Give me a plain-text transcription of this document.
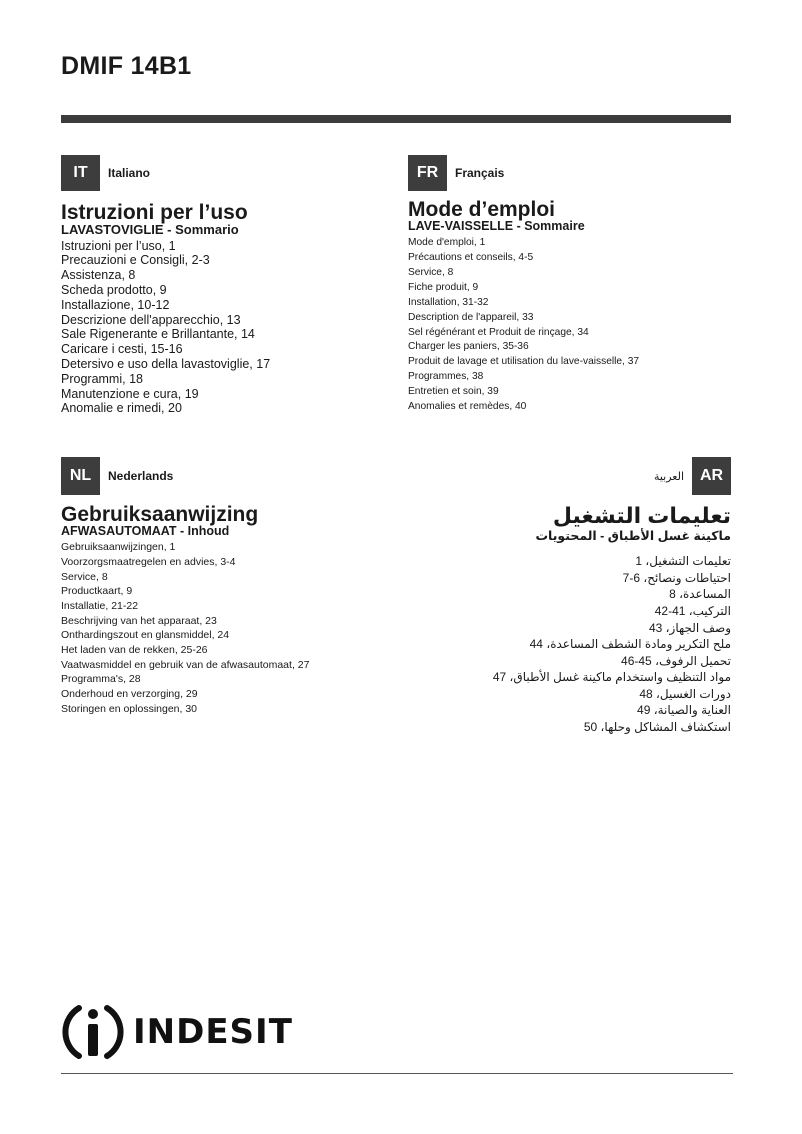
DMIF 14B1
IT	Italiano
Istruzioni per l’uso
LAVASTOVIGLIE - Sommario
Istruzioni per l’uso, 1
Precauzioni e Consigli, 2-3
Assistenza, 8
Scheda prodotto, 9
Installazione, 10-12
Descrizione dell'apparecchio, 13
Sale Rigenerante e Brillantante, 14
Caricare i cesti, 15-16
Detersivo e uso della lavastoviglie, 17
Programmi, 18
Manutenzione e cura, 19
Anomalie e rimedi, 20
FR	Français
Mode d’emploi
LAVE-VAISSELLE - Sommaire
Mode d'emploi, 1
Précautions et conseils, 4-5
Service, 8
Fiche produit, 9
Installation, 31-32
Description de l'appareil, 33
Sel régénérant et Produit de rinçage, 34
Charger les paniers, 35-36
Produit de lavage et utilisation du lave-vaisselle, 37
Programmes, 38
Entretien et soin, 39
Anomalies et remèdes, 40
NL	Nederlands
Gebruiksaanwijzing
AFWASAUTOMAAT - Inhoud
Gebruiksaanwijzingen, 1
Voorzorgsmaatregelen en advies, 3-4
Service, 8
Productkaart, 9
Installatie, 21-22
Beschrijving van het apparaat, 23
Onthardingszout en glansmiddel, 24
Het laden van de rekken, 25-26
Vaatwasmiddel en gebruik van de afwasautomaat, 27
Programma's, 28
Onderhoud en verzorging, 29
Storingen en oplossingen, 30
AR
العربية
تعليمات التشغيل
ماكينة غسل الأطباق - المحتويات
تعليمات التشغيل، 1
احتياطات ونصائح، 6-7
المساعدة، 8
التركيب، 41-42
وصف الجهاز، 43
ملح التكرير ومادة الشطف المساعدة، 44
تحميل الرفوف، 45-46
مواد التنظيف واستخدام ماكينة غسل الأطباق، 47
دورات الغسيل، 48
العناية والصيانة، 49
استكشاف المشاكل وحلها، 50
INDESIT
